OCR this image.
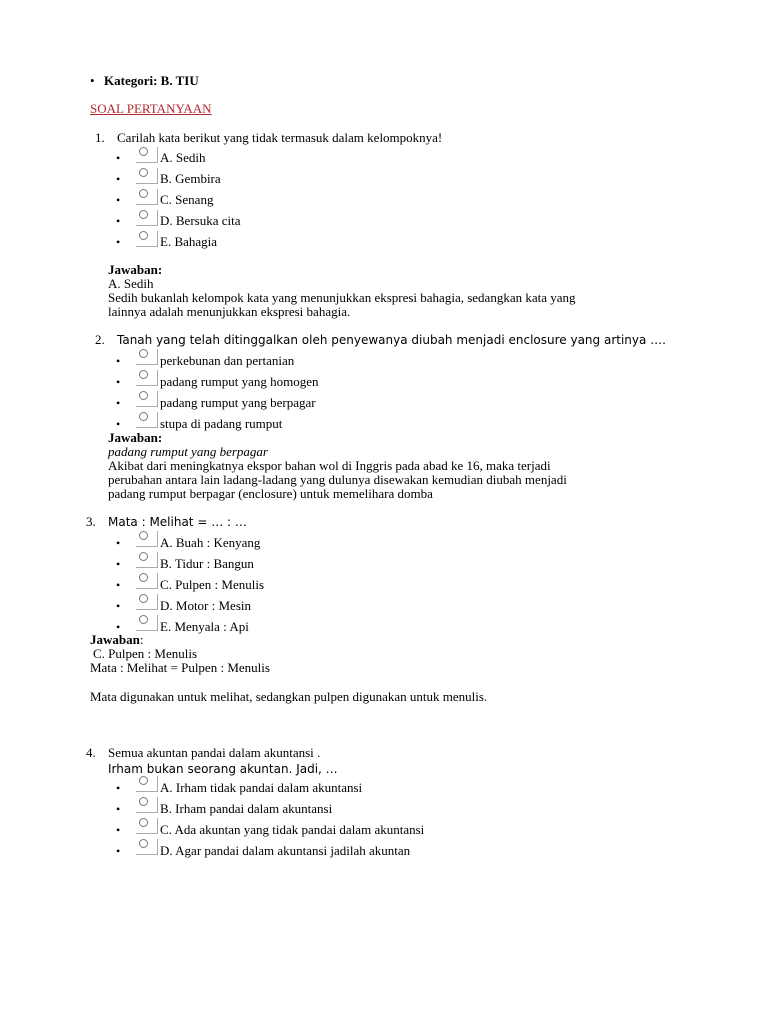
• Kategori: B. TIU
SOAL PERTANYAAN
1. Carilah kata berikut yang tidak termasuk dalam kelompoknya!
•	A. Sedih
•	B. Gembira
•	C. Senang
•	D. Bersuka cita
•	E. Bahagia
Jawaban:
A. Sedih
Sedih bukanlah kelompok kata yang menunjukkan ekspresi bahagia, sedangkan kata yang
lainnya adalah menunjukkan ekspresi bahagia.
2. Tanah yang telah ditinggalkan oleh penyewanya diubah menjadi enclosure yang artinya ….
•	perkebunan dan pertanian
•	padang rumput yang homogen
•	padang rumput yang berpagar
•	stupa di padang rumput
Jawaban:
padang rumput yang berpagar
Akibat dari meningkatnya ekspor bahan wol di Inggris pada abad ke 16, maka terjadi
perubahan antara lain ladang-ladang yang dulunya disewakan kemudian diubah menjadi
padang rumput berpagar (enclosure) untuk memelihara domba
3. Mata : Melihat = … : …
•	A. Buah : Kenyang
•	B. Tidur : Bangun
•	C. Pulpen : Menulis
•	D. Motor : Mesin
•	E. Menyala : Api
Jawaban:
C. Pulpen : Menulis
Mata : Melihat = Pulpen : Menulis
Mata digunakan untuk melihat, sedangkan pulpen digunakan untuk menulis.
4. Semua akuntan pandai dalam akuntansi .
Irham bukan seorang akuntan. Jadi, …
•	A. Irham tidak pandai dalam akuntansi
•	B. Irham pandai dalam akuntansi
•	C. Ada akuntan yang tidak pandai dalam akuntansi
•	D. Agar pandai dalam akuntansi jadilah akuntan
